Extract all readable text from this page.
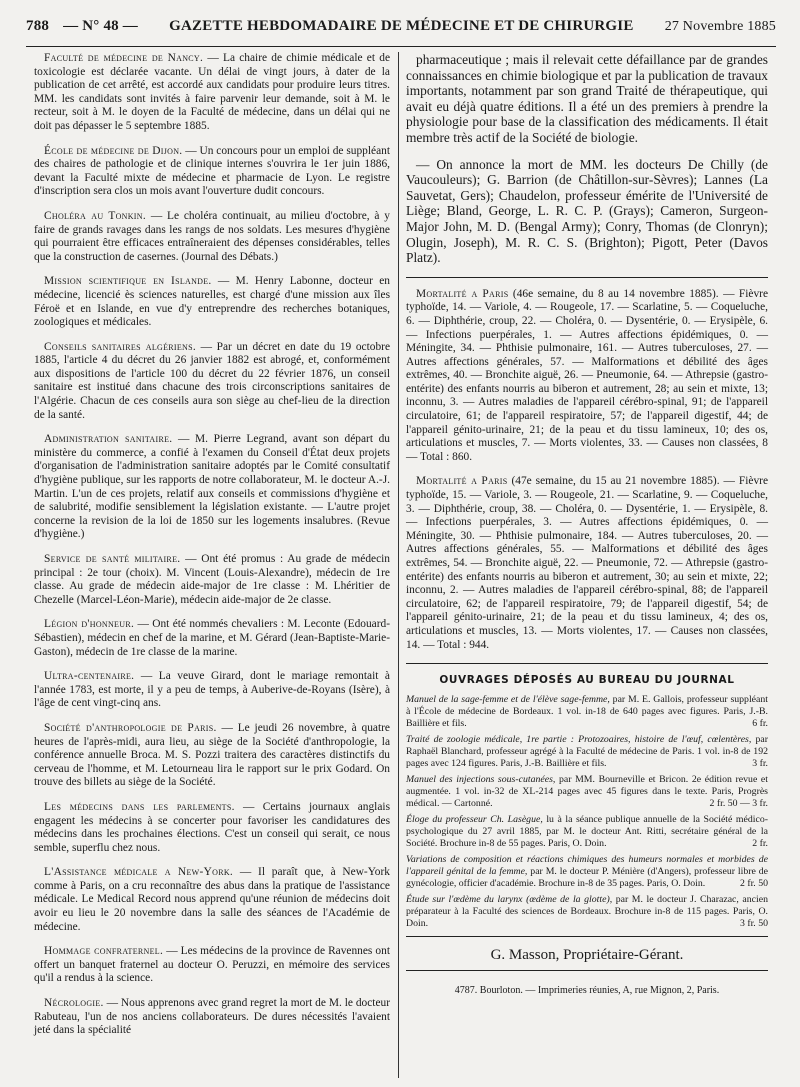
788 — N° 48 —	GAZETTE HEBDOMADAIRE DE MÉDECINE ET DE CHIRURGIE	27 Novembre 1885

Faculté de médecine de Nancy. — La chaire de chimie médicale et de toxicologie est déclarée vacante. Un délai de vingt jours, à dater de la publication de cet arrêté, est accordé aux candidats pour produire leurs titres. MM. les candidats sont invités à faire parvenir leur demande, soit à M. le recteur, soit à M. le doyen de la Faculté de médecine, dans un délai qui ne doit pas dépasser le 5 septembre 1885.

École de médecine de Dijon. — Un concours pour un emploi de suppléant des chaires de pathologie et de clinique internes s'ouvrira le 1er juin 1886, devant la Faculté mixte de médecine et pharmacie de Lyon. Le registre d'inscription sera clos un mois avant l'ouverture dudit concours.

Choléra au Tonkin. — Le choléra continuait, au milieu d'octobre, à y faire de grands ravages dans les rangs de nos soldats. Les mesures d'hygiène qui pourraient être efficaces entraîneraient des dépenses considérables, telles que la construction de casernes. (Journal des Débats.)

Mission scientifique en Islande. — M. Henry Labonne, docteur en médecine, licencié ès sciences naturelles, est chargé d'une mission aux îles Féroë et en Islande, en vue d'y entreprendre des recherches botaniques, zoologiques et médicales.

Conseils sanitaires algériens. — Par un décret en date du 19 octobre 1885, l'article 4 du décret du 26 janvier 1882 est abrogé, et, conformément aux dispositions de l'article 100 du décret du 22 février 1876, un conseil sanitaire est institué dans chacune des trois circonscriptions sanitaires de l'Algérie. Chacun de ces conseils aura son siège au chef-lieu de la direction de la santé.

Administration sanitaire. — M. Pierre Legrand, avant son départ du ministère du commerce, a confié à l'examen du Conseil d'État deux projets d'organisation de l'administration sanitaire adoptés par le Comité consultatif d'hygiène publique, sur les rapports de notre collaborateur, M. le docteur A.-J. Martin. L'un de ces projets, relatif aux conseils et commissions d'hygiène et de salubrité, modifie sensiblement la législation existante. — L'autre projet concerne la revision de la loi de 1850 sur les logements insalubres. (Revue d'hygiène.)

Service de santé militaire. — Ont été promus : Au grade de médecin principal : 2e tour (choix). M. Vincent (Louis-Alexandre), médecin de 1re classe. Au grade de médecin aide-major de 1re classe : M. Lhéritier de Chezelle (Marcel-Léon-Marie), médecin aide-major de 2e classe.

Légion d'honneur. — Ont été nommés chevaliers : M. Leconte (Edouard-Sébastien), médecin en chef de la marine, et M. Gérard (Jean-Baptiste-Marie-Gaston), médecin de 1re classe de la marine.

Ultra-centenaire. — La veuve Girard, dont le mariage remontait à l'année 1783, est morte, il y a peu de temps, à Auberive-de-Royans (Isère), à l'âge de cent vingt-cinq ans.

Société d'anthropologie de Paris. — Le jeudi 26 novembre, à quatre heures de l'après-midi, aura lieu, au siège de la Société d'anthropologie, la conférence annuelle Broca. M. S. Pozzi traitera des caractères distinctifs du cerveau de l'homme, et M. Letourneau lira le rapport sur le prix Godard. On trouve des billets au siège de la Société.

Les médecins dans les parlements. — Certains journaux anglais engagent les médecins à se concerter pour favoriser les candidatures des médecins dans les prochaines élections. C'est un conseil qui serait, ce nous semble, superflu chez nous.

L'Assistance médicale a New-York. — Il paraît que, à New-York comme à Paris, on a cru reconnaître des abus dans la pratique de l'assistance médicale. Le Medical Record nous apprend qu'une réunion de médecins doit avoir eu lieu le 20 novembre dans la salle des séances de l'Académie de médecine.

Hommage confraternel. — Les médecins de la province de Ravennes ont offert un banquet fraternel au docteur O. Peruzzi, en mémoire des services qu'il a rendus à la science.

Nécrologie. — Nous apprenons avec grand regret la mort de M. le docteur Rabuteau, l'un de nos anciens collaborateurs. De dures nécessités l'avaient jeté dans la spécialité

pharmaceutique ; mais il relevait cette défaillance par de grandes connaissances en chimie biologique et par la publication de travaux importants, notamment par son grand Traité de thérapeutique, qui avait eu déjà quatre éditions. Il a été un des premiers à prendre la physiologie pour base de la classification des médicaments. Il était membre très actif de la Société de biologie.

— On annonce la mort de MM. les docteurs De Chilly (de Vaucouleurs); G. Barrion (de Châtillon-sur-Sèvres); Lannes (La Sauvetat, Gers); Chaudelon, professeur émérite de l'Université de Liège; Bland, George, L. R. C. P. (Grays); Cameron, Surgeon-Major John, M. D. (Bengal Army); Conry, Thomas (de Clonryn); Olugin, Joseph), M. R. C. S. (Brighton); Pigott, Peter (Davos Platz).

Mortalité a Paris (46e semaine, du 8 au 14 novembre 1885). — Fièvre typhoïde, 14. — Variole, 4. — Rougeole, 17. — Scarlatine, 5. — Coqueluche, 6. — Diphthérie, croup, 22. — Choléra, 0. — Dysentérie, 0. — Erysipèle, 6. — Infections puerpérales, 1. — Autres affections épidémiques, 0. — Méningite, 34. — Phthisie pulmonaire, 161. — Autres tuberculoses, 27. — Autres affections générales, 57. — Malformations et débilité des âges extrêmes, 40. — Bronchite aiguë, 26. — Pneumonie, 64. — Athrepsie (gastro-entérite) des enfants nourris au biberon et autrement, 28; au sein et mixte, 13; inconnu, 3. — Autres maladies de l'appareil cérébro-spinal, 91; de l'appareil circulatoire, 61; de l'appareil respiratoire, 57; de l'appareil digestif, 44; de l'appareil génito-urinaire, 21; de la peau et du tissu lamineux, 10; des os, articulations et muscles, 7. — Morts violentes, 33. — Causes non classées, 8 — Total : 860.

Mortalité a Paris (47e semaine, du 15 au 21 novembre 1885). — Fièvre typhoïde, 15. — Variole, 3. — Rougeole, 21. — Scarlatine, 9. — Coqueluche, 3. — Diphthérie, croup, 38. — Choléra, 0. — Dysentérie, 1. — Erysipèle, 8. — Infections puerpérales, 3. — Autres affections épidémiques, 0. — Méningite, 30. — Phthisie pulmonaire, 184. — Autres tuberculoses, 20. — Autres affections générales, 55. — Malformations et débilité des âges extrêmes, 54. — Bronchite aiguë, 22. — Pneumonie, 72. — Athrepsie (gastro-entérite) des enfants nourris au biberon et autrement, 30; au sein et mixte, 22; inconnu, 2. — Autres maladies de l'appareil cérébro-spinal, 88; de l'appareil circulatoire, 62; de l'appareil respiratoire, 79; de l'appareil digestif, 54; de l'appareil génito-urinaire, 21; de la peau et du tissu lamineux, 4; des os, articulations et muscles, 13. — Morts violentes, 17. — Causes non classées, 14. — Total : 944.

OUVRAGES DÉPOSÉS AU BUREAU DU JOURNAL

Manuel de la sage-femme et de l'élève sage-femme, par M. E. Gallois, professeur suppléant à l'École de médecine de Bordeaux. 1 vol. in-18 de 640 pages avec figures. Paris, J.-B. Baillière et fils.	6 fr.

Traité de zoologie médicale, 1re partie : Protozoaires, histoire de l'œuf, cœlentères, par Raphaël Blanchard, professeur agrégé à la Faculté de médecine de Paris. 1 vol. in-8 de 192 pages avec 124 figures. Paris, J.-B. Baillière et fils.	3 fr.

Manuel des injections sous-cutanées, par MM. Bourneville et Bricon. 2e édition revue et augmentée. 1 vol. in-32 de XL-214 pages avec 45 figures dans le texte. Paris, Progrès médical. — Cartonné.	2 fr. 50 — 3 fr.

Éloge du professeur Ch. Lasègue, lu à la séance publique annuelle de la Société médico-psychologique du 27 avril 1885, par M. le docteur Ant. Ritti, secrétaire général de la Société. Brochure in-8 de 55 pages. Paris, O. Doin.	2 fr.

Variations de composition et réactions chimiques des humeurs normales et morbides de l'appareil génital de la femme, par M. le docteur P. Ménière (d'Angers), professeur libre de gynécologie, officier d'académie. Brochure in-8 de 35 pages. Paris, O. Doin.	2 fr. 50

Étude sur l'œdème du larynx (œdème de la glotte), par M. le docteur J. Charazac, ancien préparateur à la Faculté des sciences de Bordeaux. Brochure in-8 de 115 pages. Paris, O. Doin.	3 fr. 50

G. Masson, Propriétaire-Gérant.
4787. Bourloton. — Imprimeries réunies, A, rue Mignon, 2, Paris.
